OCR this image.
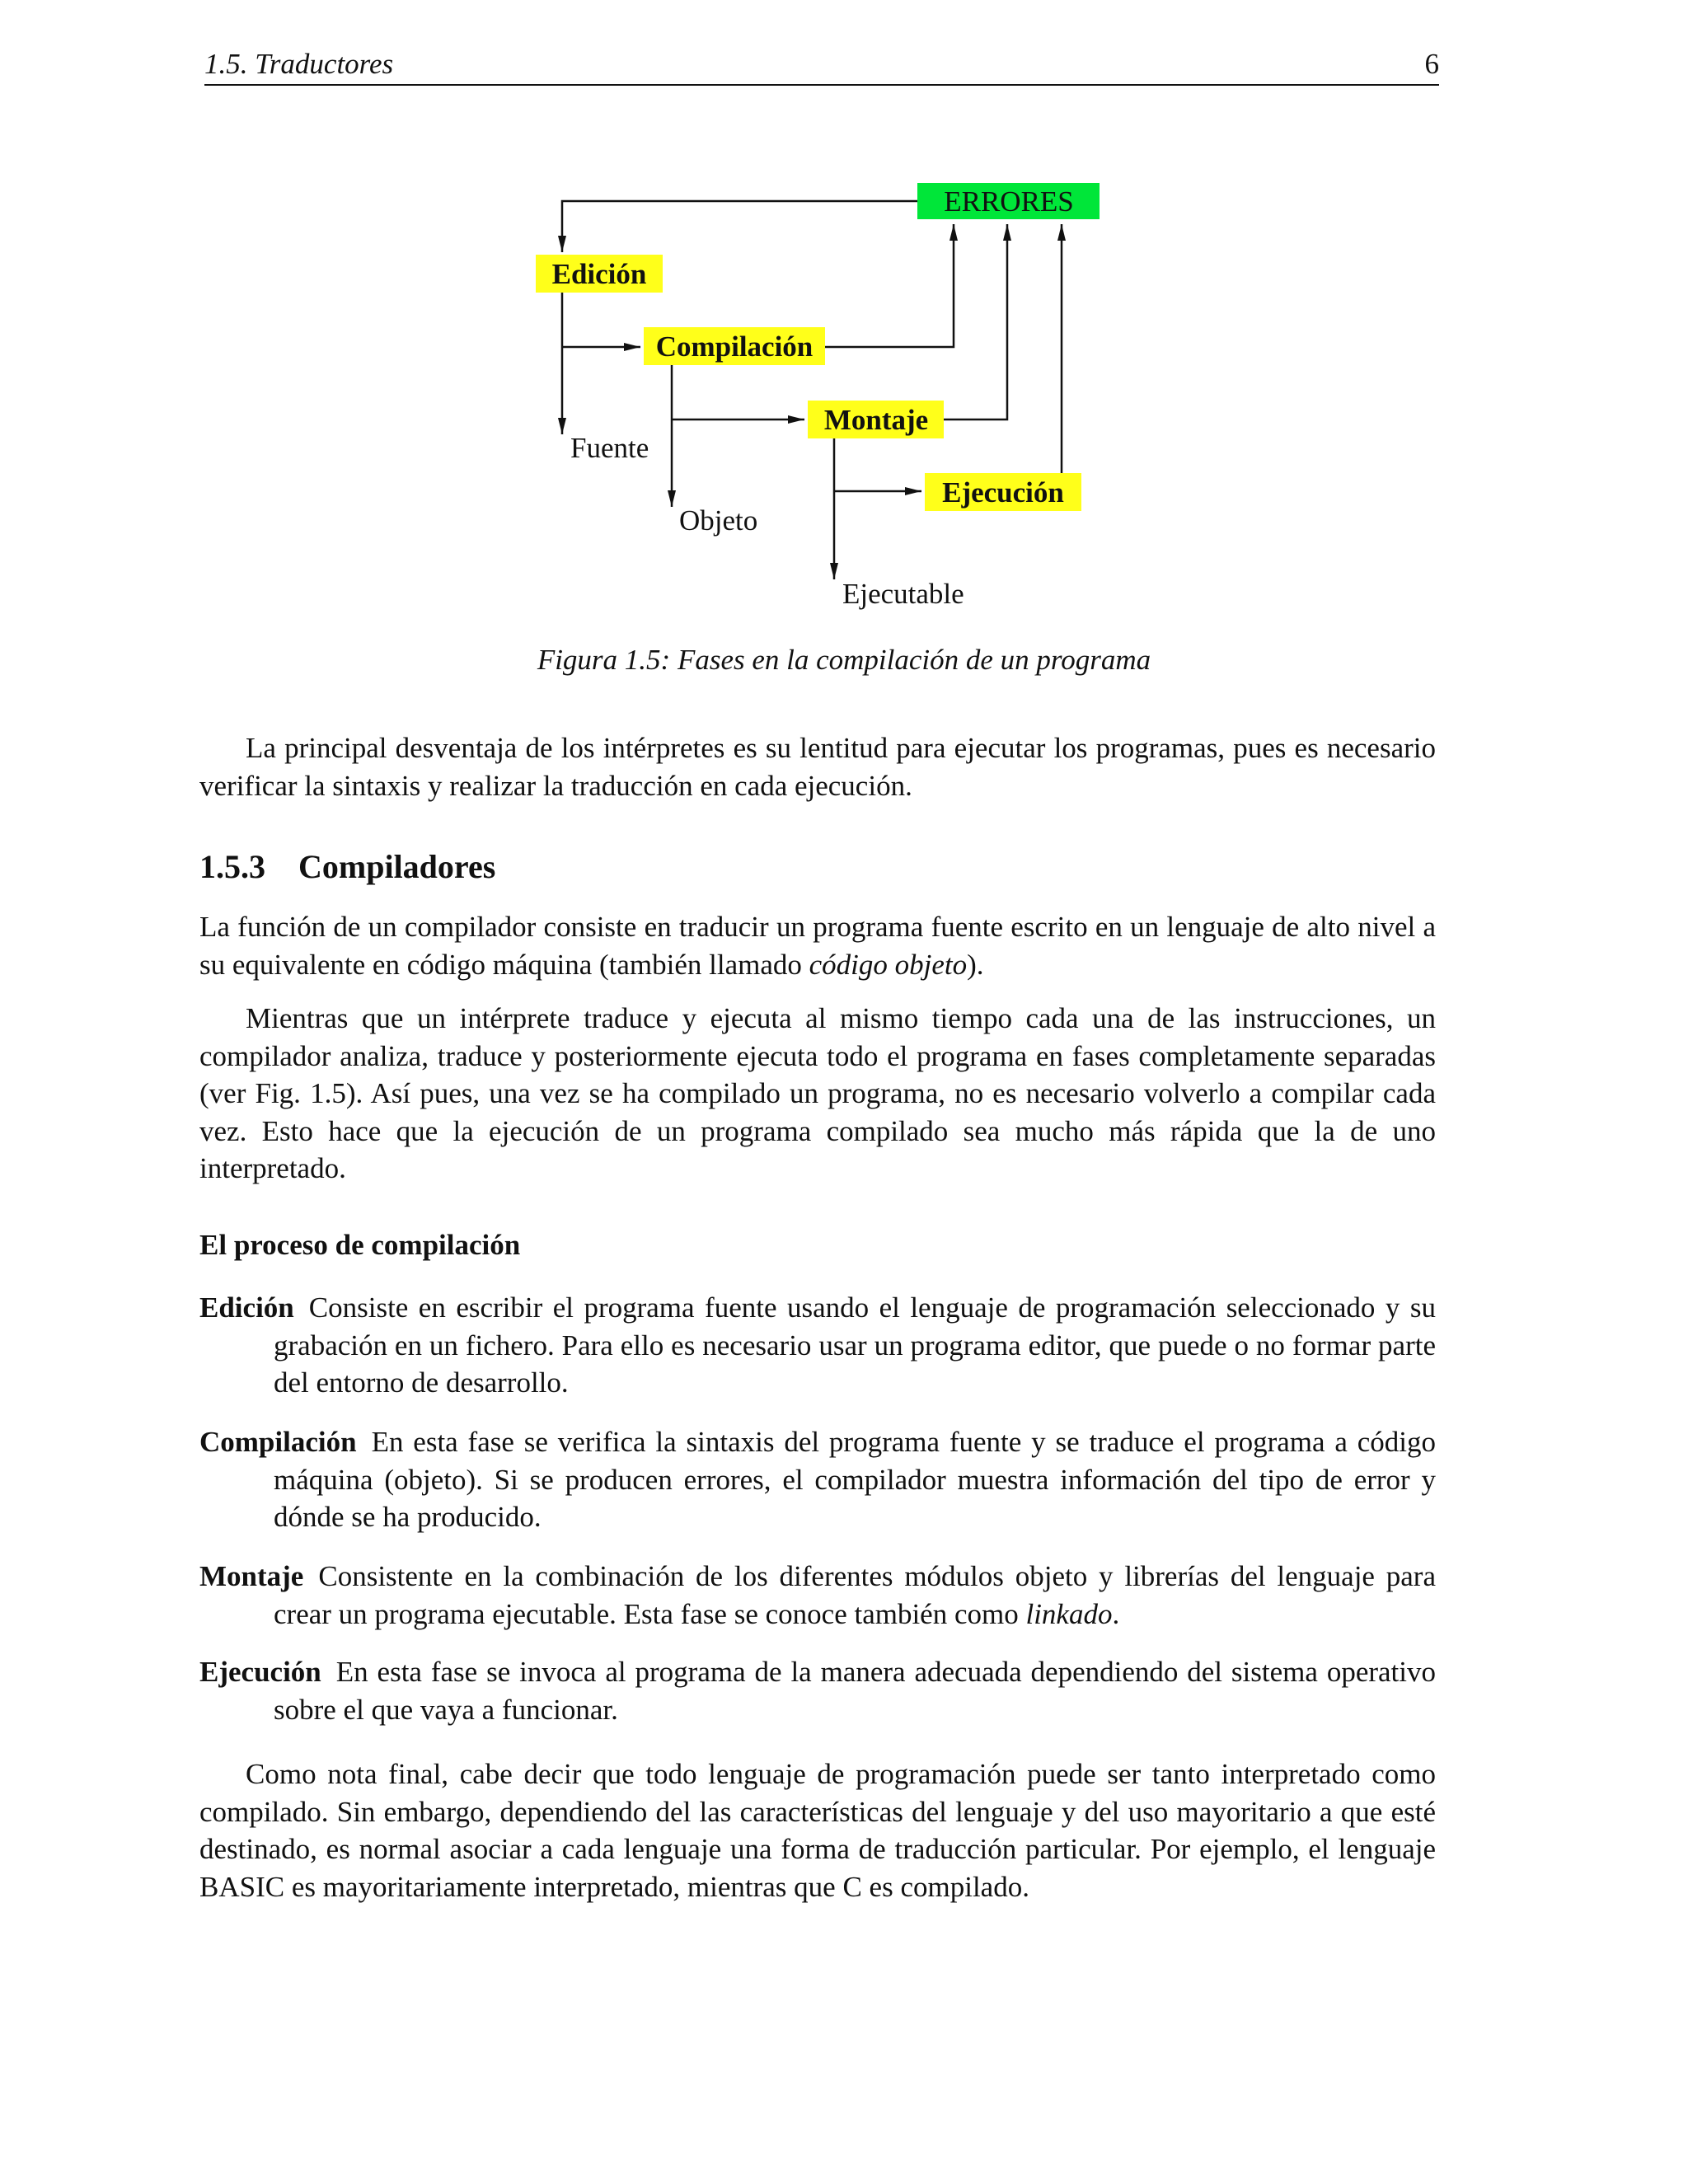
1.5. Traductores	6
ERRORES
Edición
Compilación
Montaje
Ejecución
Fuente
Objeto
Ejecutable
Figura 1.5: Fases en la compilación de un programa

La principal desventaja de los intérpretes es su lentitud para ejecutar los programas, pues es necesario verificar la sintaxis y realizar la traducción en cada ejecución.

1.5.3 Compiladores

La función de un compilador consiste en traducir un programa fuente escrito en un lenguaje de alto nivel a su equivalente en código máquina (también llamado código objeto).

Mientras que un intérprete traduce y ejecuta al mismo tiempo cada una de las instrucciones, un compilador analiza, traduce y posteriormente ejecuta todo el programa en fases completamente separadas (ver Fig. 1.5). Así pues, una vez se ha compilado un programa, no es necesario volverlo a compilar cada vez. Esto hace que la ejecución de un programa compilado sea mucho más rápida que la de uno interpretado.

El proceso de compilación

Edición Consiste en escribir el programa fuente usando el lenguaje de programación seleccionado y su grabación en un fichero. Para ello es necesario usar un programa editor, que puede o no formar parte del entorno de desarrollo.

Compilación En esta fase se verifica la sintaxis del programa fuente y se traduce el programa a código máquina (objeto). Si se producen errores, el compilador muestra información del tipo de error y dónde se ha producido.

Montaje Consistente en la combinación de los diferentes módulos objeto y librerías del lenguaje para crear un programa ejecutable. Esta fase se conoce también como linkado.

Ejecución En esta fase se invoca al programa de la manera adecuada dependiendo del sistema operativo sobre el que vaya a funcionar.

Como nota final, cabe decir que todo lenguaje de programación puede ser tanto interpretado como compilado. Sin embargo, dependiendo del las características del lenguaje y del uso mayoritario a que esté destinado, es normal asociar a cada lenguaje una forma de traducción particular. Por ejemplo, el lenguaje BASIC es mayoritariamente interpretado, mientras que C es compilado.
